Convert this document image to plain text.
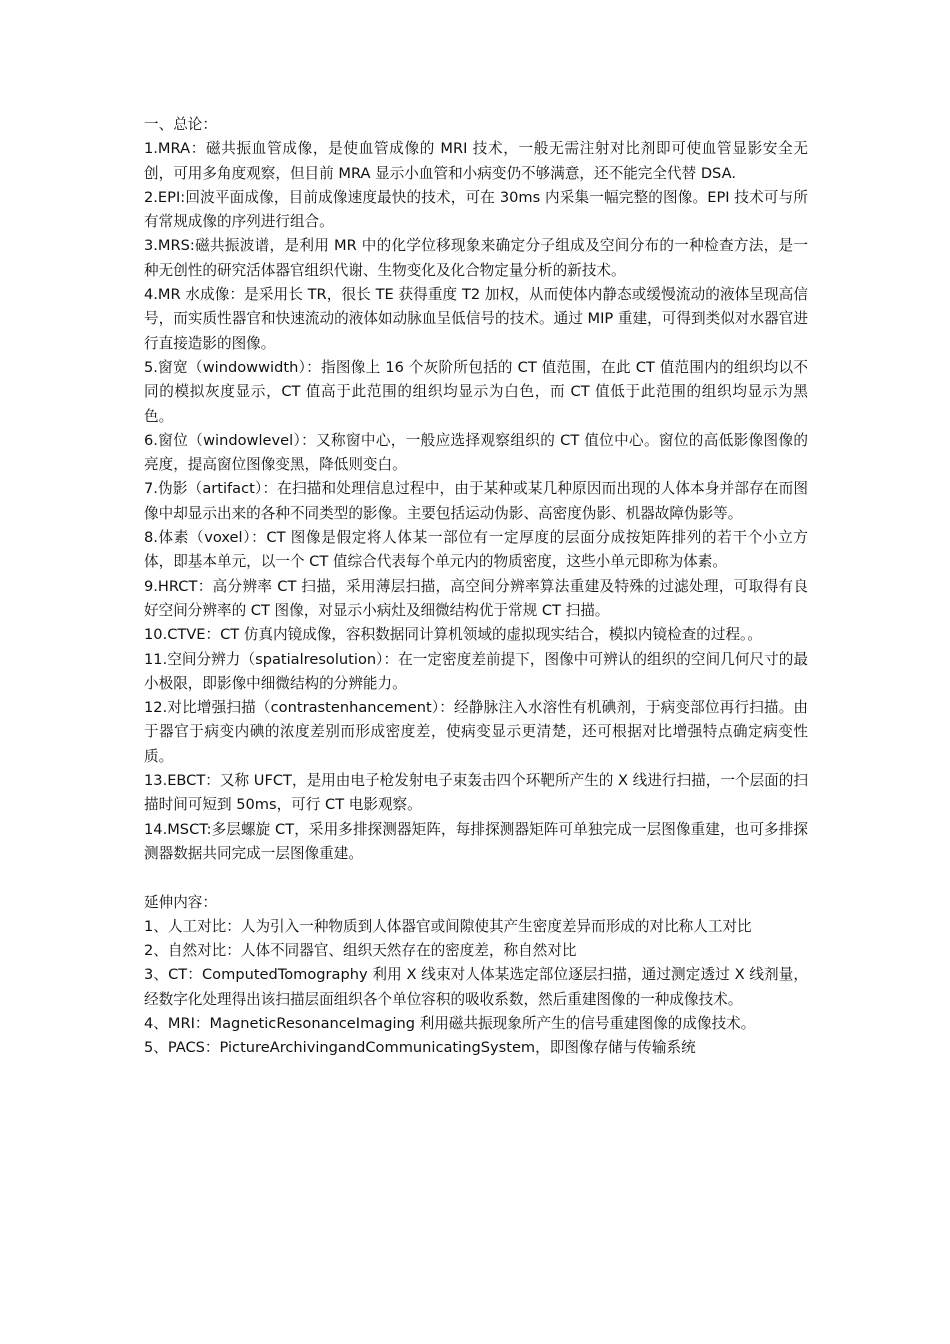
一、总论：

1.MRA：磁共振血管成像，是使血管成像的 MRI 技术，一般无需注射对比剂即可使血管显影安全无创，可用多角度观察，但目前 MRA 显示小血管和小病变仍不够满意，还不能完全代替 DSA.

2.EPI:回波平面成像，目前成像速度最快的技术，可在 30ms 内采集一幅完整的图像。EPI 技术可与所有常规成像的序列进行组合。

3.MRS:磁共振波谱，是利用 MR 中的化学位移现象来确定分子组成及空间分布的一种检查方法，是一种无创性的研究活体器官组织代谢、生物变化及化合物定量分析的新技术。

4.MR 水成像：是采用长 TR，很长 TE 获得重度 T2 加权，从而使体内静态或缓慢流动的液体呈现高信号，而实质性器官和快速流动的液体如动脉血呈低信号的技术。通过 MIP 重建，可得到类似对水器官进行直接造影的图像。

5.窗宽（windowwidth）：指图像上 16 个灰阶所包括的 CT 值范围，在此 CT 值范围内的组织均以不同的模拟灰度显示，CT 值高于此范围的组织均显示为白色，而 CT 值低于此范围的组织均显示为黑色。

6.窗位（windowlevel）：又称窗中心，一般应选择观察组织的 CT 值位中心。窗位的高低影像图像的亮度，提高窗位图像变黑，降低则变白。

7.伪影（artifact）：在扫描和处理信息过程中，由于某种或某几种原因而出现的人体本身并部存在而图像中却显示出来的各种不同类型的影像。主要包括运动伪影、高密度伪影、机器故障伪影等。

8.体素（voxel）：CT 图像是假定将人体某一部位有一定厚度的层面分成按矩阵排列的若干个小立方体，即基本单元，以一个 CT 值综合代表每个单元内的物质密度，这些小单元即称为体素。

9.HRCT：高分辨率 CT 扫描，采用薄层扫描，高空间分辨率算法重建及特殊的过滤处理，可取得有良好空间分辨率的 CT 图像，对显示小病灶及细微结构优于常规 CT 扫描。

10.CTVE：CT 仿真内镜成像，容积数据同计算机领域的虚拟现实结合，模拟内镜检查的过程。。

11.空间分辨力（spatialresolution）：在一定密度差前提下，图像中可辨认的组织的空间几何尺寸的最小极限，即影像中细微结构的分辨能力。

12.对比增强扫描（contrastenhancement）：经静脉注入水溶性有机碘剂，于病变部位再行扫描。由于器官于病变内碘的浓度差别而形成密度差，使病变显示更清楚，还可根据对比增强特点确定病变性质。

13.EBCT：又称 UFCT，是用由电子枪发射电子束轰击四个环靶所产生的 X 线进行扫描，一个层面的扫描时间可短到 50ms，可行 CT 电影观察。

14.MSCT:多层螺旋 CT，采用多排探测器矩阵，每排探测器矩阵可单独完成一层图像重建，也可多排探测器数据共同完成一层图像重建。

延伸内容：

1、人工对比：人为引入一种物质到人体器官或间隙使其产生密度差异而形成的对比称人工对比

2、自然对比：人体不同器官、组织天然存在的密度差，称自然对比

3、CT：ComputedTomography 利用 X 线束对人体某选定部位逐层扫描，通过测定透过 X 线剂量，经数字化处理得出该扫描层面组织各个单位容积的吸收系数，然后重建图像的一种成像技术。

4、MRI：MagneticResonanceImaging 利用磁共振现象所产生的信号重建图像的成像技术。

5、PACS：PictureArchivingandCommunicatingSystem，即图像存储与传输系统
